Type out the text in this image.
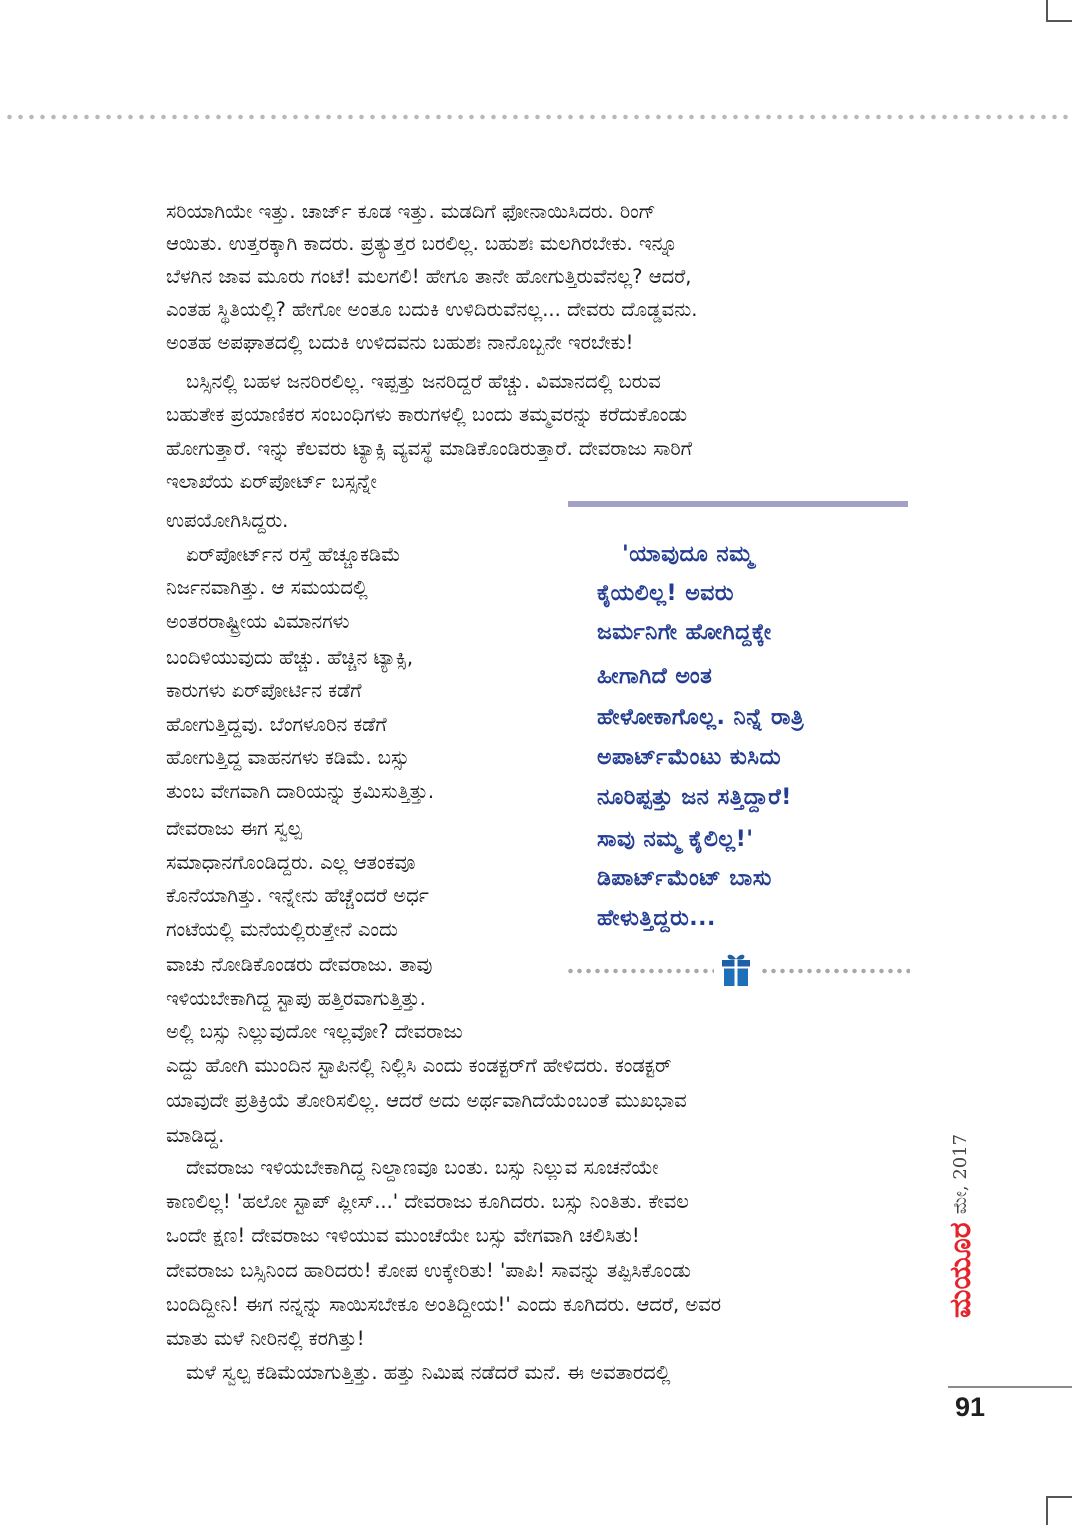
ಸರಿಯಾಗಿಯೇ ಇತ್ತು. ಚಾರ್ಜ್ ಕೂಡ ಇತ್ತು. ಮಡದಿಗೆ ಫೋನಾಯಿಸಿದರು. ರಿಂಗ್
ಆಯಿತು. ಉತ್ತರಕ್ಕಾಗಿ ಕಾದರು. ಪ್ರತ್ಯುತ್ತರ ಬರಲಿಲ್ಲ. ಬಹುಶಃ ಮಲಗಿರಬೇಕು. ಇನ್ನೂ
ಬೆಳಗಿನ ಜಾವ ಮೂರು ಗಂಟೆ! ಮಲಗಲಿ! ಹೇಗೂ ತಾನೇ ಹೋಗುತ್ತಿರುವೆನಲ್ಲ? ಆದರೆ,
ಎಂತಹ ಸ್ಥಿತಿಯಲ್ಲಿ? ಹೇಗೋ ಅಂತೂ ಬದುಕಿ ಉಳಿದಿರುವೆನಲ್ಲ... ದೇವರು ದೊಡ್ಡವನು.
ಅಂತಹ ಅಪಘಾತದಲ್ಲಿ ಬದುಕಿ ಉಳಿದವನು ಬಹುಶಃ ನಾನೊಬ್ಬನೇ ಇರಬೇಕು!
ಬಸ್ಸಿನಲ್ಲಿ ಬಹಳ ಜನರಿರಲಿಲ್ಲ. ಇಪ್ಪತ್ತು ಜನರಿದ್ದರೆ ಹೆಚ್ಚು. ವಿಮಾನದಲ್ಲಿ ಬರುವ
ಬಹುತೇಕ ಪ್ರಯಾಣಿಕರ ಸಂಬಂಧಿಗಳು ಕಾರುಗಳಲ್ಲಿ ಬಂದು ತಮ್ಮವರನ್ನು ಕರೆದುಕೊಂಡು
ಹೋಗುತ್ತಾರೆ. ಇನ್ನು ಕೆಲವರು ಟ್ಯಾಕ್ಸಿ ವ್ಯವಸ್ಥೆ ಮಾಡಿಕೊಂಡಿರುತ್ತಾರೆ. ದೇವರಾಜು ಸಾರಿಗೆ
ಇಲಾಖೆಯ ಏರ್‌ಪೋರ್ಟ್ ಬಸ್ಸನ್ನೇ
ಉಪಯೋಗಿಸಿದ್ದರು.
ಏರ್‌ಪೋರ್ಟ್‌ನ ರಸ್ತೆ ಹೆಚ್ಚೂಕಡಿಮೆ
ನಿರ್ಜನವಾಗಿತ್ತು. ಆ ಸಮಯದಲ್ಲಿ
ಅಂತರರಾಷ್ಟ್ರೀಯ ವಿಮಾನಗಳು
ಬಂದಿಳಿಯುವುದು ಹೆಚ್ಚು. ಹೆಚ್ಚಿನ ಟ್ಯಾಕ್ಸಿ,
ಕಾರುಗಳು ಏರ್‌ಪೋರ್ಟಿನ ಕಡೆಗೆ
ಹೋಗುತ್ತಿದ್ದವು. ಬೆಂಗಳೂರಿನ ಕಡೆಗೆ
ಹೋಗುತ್ತಿದ್ದ ವಾಹನಗಳು ಕಡಿಮೆ. ಬಸ್ಸು
ತುಂಬ ವೇಗವಾಗಿ ದಾರಿಯನ್ನು ಕ್ರಮಿಸುತ್ತಿತ್ತು.
ದೇವರಾಜು ಈಗ ಸ್ವಲ್ಪ
ಸಮಾಧಾನಗೊಂಡಿದ್ದರು. ಎಲ್ಲ ಆತಂಕವೂ
ಕೊನೆಯಾಗಿತ್ತು. ಇನ್ನೇನು ಹೆಚ್ಚೆಂದರೆ ಅರ್ಧ
ಗಂಟೆಯಲ್ಲಿ ಮನೆಯಲ್ಲಿರುತ್ತೇನೆ ಎಂದು
ವಾಚು ನೋಡಿಕೊಂಡರು ದೇವರಾಜು. ತಾವು
ಇಳಿಯಬೇಕಾಗಿದ್ದ ಸ್ಟಾಪು ಹತ್ತಿರವಾಗುತ್ತಿತ್ತು.
ಅಲ್ಲಿ ಬಸ್ಸು ನಿಲ್ಲುವುದೋ ಇಲ್ಲವೋ? ದೇವರಾಜು
ಎದ್ದು ಹೋಗಿ ಮುಂದಿನ ಸ್ಟಾಪಿನಲ್ಲಿ ನಿಲ್ಲಿಸಿ ಎಂದು ಕಂಡಕ್ಟರ್‌ಗೆ ಹೇಳಿದರು. ಕಂಡಕ್ಟರ್
ಯಾವುದೇ ಪ್ರತಿಕ್ರಿಯೆ ತೋರಿಸಲಿಲ್ಲ. ಆದರೆ ಅದು ಅರ್ಥವಾಗಿದೆಯೆಂಬಂತೆ ಮುಖಭಾವ
ಮಾಡಿದ್ದ.
ದೇವರಾಜು ಇಳಿಯಬೇಕಾಗಿದ್ದ ನಿಲ್ದಾಣವೂ ಬಂತು. ಬಸ್ಸು ನಿಲ್ಲುವ ಸೂಚನೆಯೇ
ಕಾಣಲಿಲ್ಲ! 'ಹಲೋ ಸ್ಟಾಪ್ ಪ್ಲೀಸ್...' ದೇವರಾಜು ಕೂಗಿದರು. ಬಸ್ಸು ನಿಂತಿತು. ಕೇವಲ
ಒಂದೇ ಕ್ಷಣ! ದೇವರಾಜು ಇಳಿಯುವ ಮುಂಚೆಯೇ ಬಸ್ಸು ವೇಗವಾಗಿ ಚಲಿಸಿತು!
ದೇವರಾಜು ಬಸ್ಸಿನಿಂದ ಹಾರಿದರು! ಕೋಪ ಉಕ್ಕೇರಿತು! 'ಪಾಪಿ! ಸಾವನ್ನು ತಪ್ಪಿಸಿಕೊಂಡು
ಬಂದಿದ್ದೀನಿ! ಈಗ ನನ್ನನ್ನು ಸಾಯಿಸಬೇಕೂ ಅಂತಿದ್ದೀಯ!' ಎಂದು ಕೂಗಿದರು. ಆದರೆ, ಅವರ
ಮಾತು ಮಳೆ ನೀರಿನಲ್ಲಿ ಕರಗಿತ್ತು!
ಮಳೆ ಸ್ವಲ್ಪ ಕಡಿಮೆಯಾಗುತ್ತಿತ್ತು. ಹತ್ತು ನಿಮಿಷ ನಡೆದರೆ ಮನೆ. ಈ ಅವತಾರದಲ್ಲಿ
'ಯಾವುದೂ ನಮ್ಮ
ಕೈಯಲಿಲ್ಲ! ಅವರು
ಜರ್ಮನಿಗೇ ಹೋಗಿದ್ದಕ್ಕೇ
ಹೀಗಾಗಿದೆ ಅಂತ
ಹೇಳೋಕಾಗೊಲ್ಲ. ನಿನ್ನೆ ರಾತ್ರಿ
ಅಪಾರ್ಟ್‌ಮೆಂಟು ಕುಸಿದು
ನೂರಿಪ್ಪತ್ತು ಜನ ಸತ್ತಿದ್ದಾರೆ!
ಸಾವು ನಮ್ಮ ಕೈಲಿಲ್ಲ!'
ಡಿಪಾರ್ಟ್‌ಮೆಂಟ್ ಬಾಸು
ಹೇಳುತ್ತಿದ್ದರು...
ಮೇ, 2017
ಮಯೂರ
91
